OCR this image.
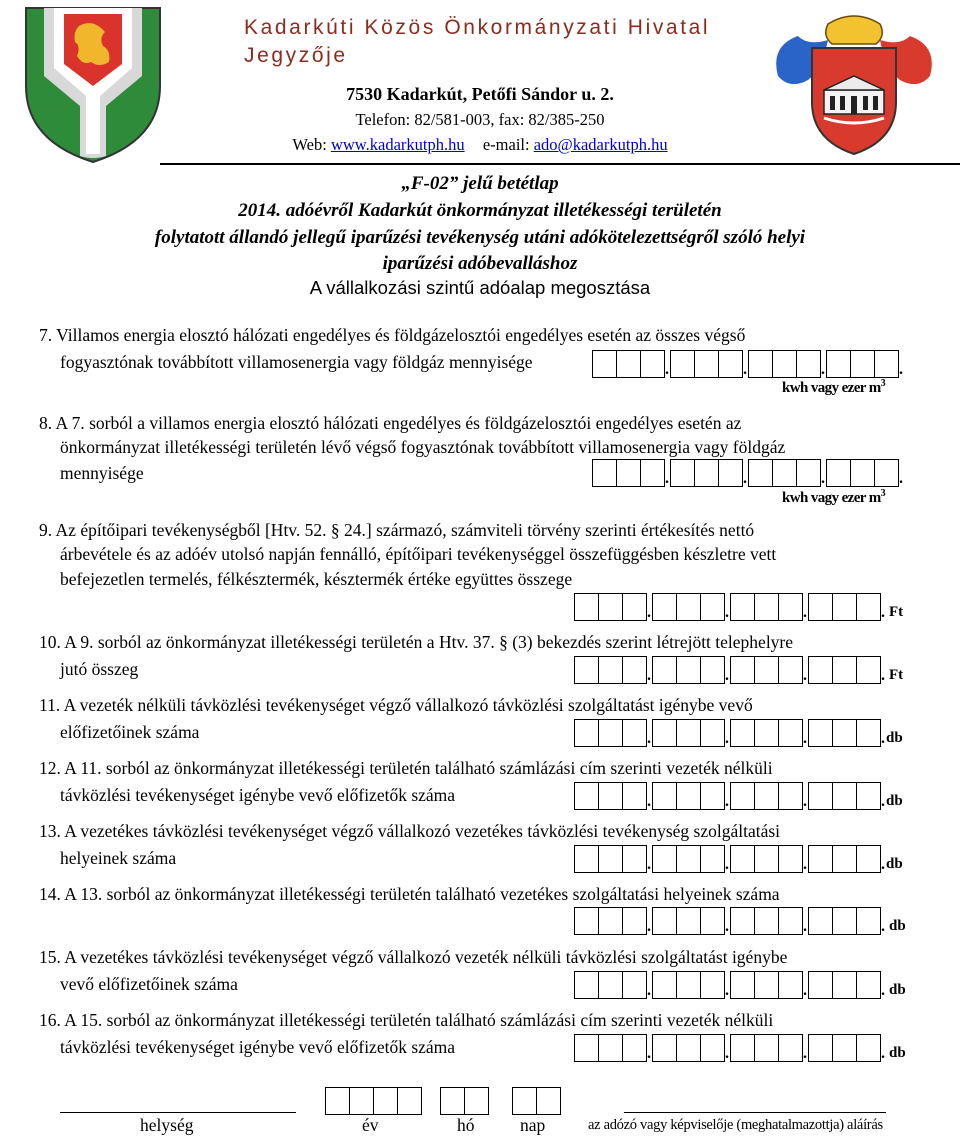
Kadarkúti Közös Önkormányzati Hivatal
Jegyzője
7530 Kadarkút, Petőfi Sándor u. 2.
Telefon: 82/581-003, fax: 82/385-250
Web: www.kadarkutph.hu e-mail: ado@kadarkutph.hu
„F-02” jelű betétlap
2014. adóévről Kadarkút önkormányzat illetékességi területén
folytatott állandó jellegű iparűzési tevékenység utáni adókötelezettségről szóló helyi
iparűzési adóbevalláshoz
A vállalkozási szintű adóalap megosztása
7. Villamos energia elosztó hálózati engedélyes és földgázelosztói engedélyes esetén az összes végső
fogyasztónak továbbított villamosenergia vagy földgáz mennyisége	.	.	.	.
kwh vagy ezer $m^3$
8. A 7. sorból a villamos energia elosztó hálózati engedélyes és földgázelosztói engedélyes esetén az
önkormányzat illetékességi területén lévő végső fogyasztónak továbbított villamosenergia vagy földgáz
mennyisége	.	.	.	.
kwh vagy ezer $m^3$
9. Az építőipari tevékenységből [Htv. 52. § 24.] származó, számviteli törvény szerinti értékesítés nettó
árbevétele és az adóév utolsó napján fennálló, építőipari tevékenységgel összefüggésben készletre vett
befejezetlen termelés, félkésztermék, késztermék értéke együttes összege
.	.	.	. Ft
10. A 9. sorból az önkormányzat illetékességi területén a Htv. 37. § (3) bekezdés szerint létrejött telephelyre
jutó összeg	.	.	.	. Ft
11. A vezeték nélküli távközlési tevékenységet végző vállalkozó távközlési szolgáltatást igénybe vevő
előfizetőinek száma	.	.	.	. db
12. A 11. sorból az önkormányzat illetékességi területén található számlázási cím szerinti vezeték nélküli
távközlési tevékenységet igénybe vevő előfizetők száma	.	.	.	. db
13. A vezetékes távközlési tevékenységet végző vállalkozó vezetékes távközlési tevékenység szolgáltatási
helyeinek száma	.	.	.	. db
14. A 13. sorból az önkormányzat illetékességi területén található vezetékes szolgáltatási helyeinek száma
.	.	.	. db
15. A vezetékes távközlési tevékenységet végző vállalkozó vezeték nélküli távközlési szolgáltatást igénybe
vevő előfizetőinek száma	.	.	.	. db
16. A 15. sorból az önkormányzat illetékességi területén található számlázási cím szerinti vezeték nélküli
távközlési tevékenységet igénybe vevő előfizetők száma	.	.	.	. db
helység	év	hó	nap	az adózó vagy képviselője (meghatalmazottja) aláírás
